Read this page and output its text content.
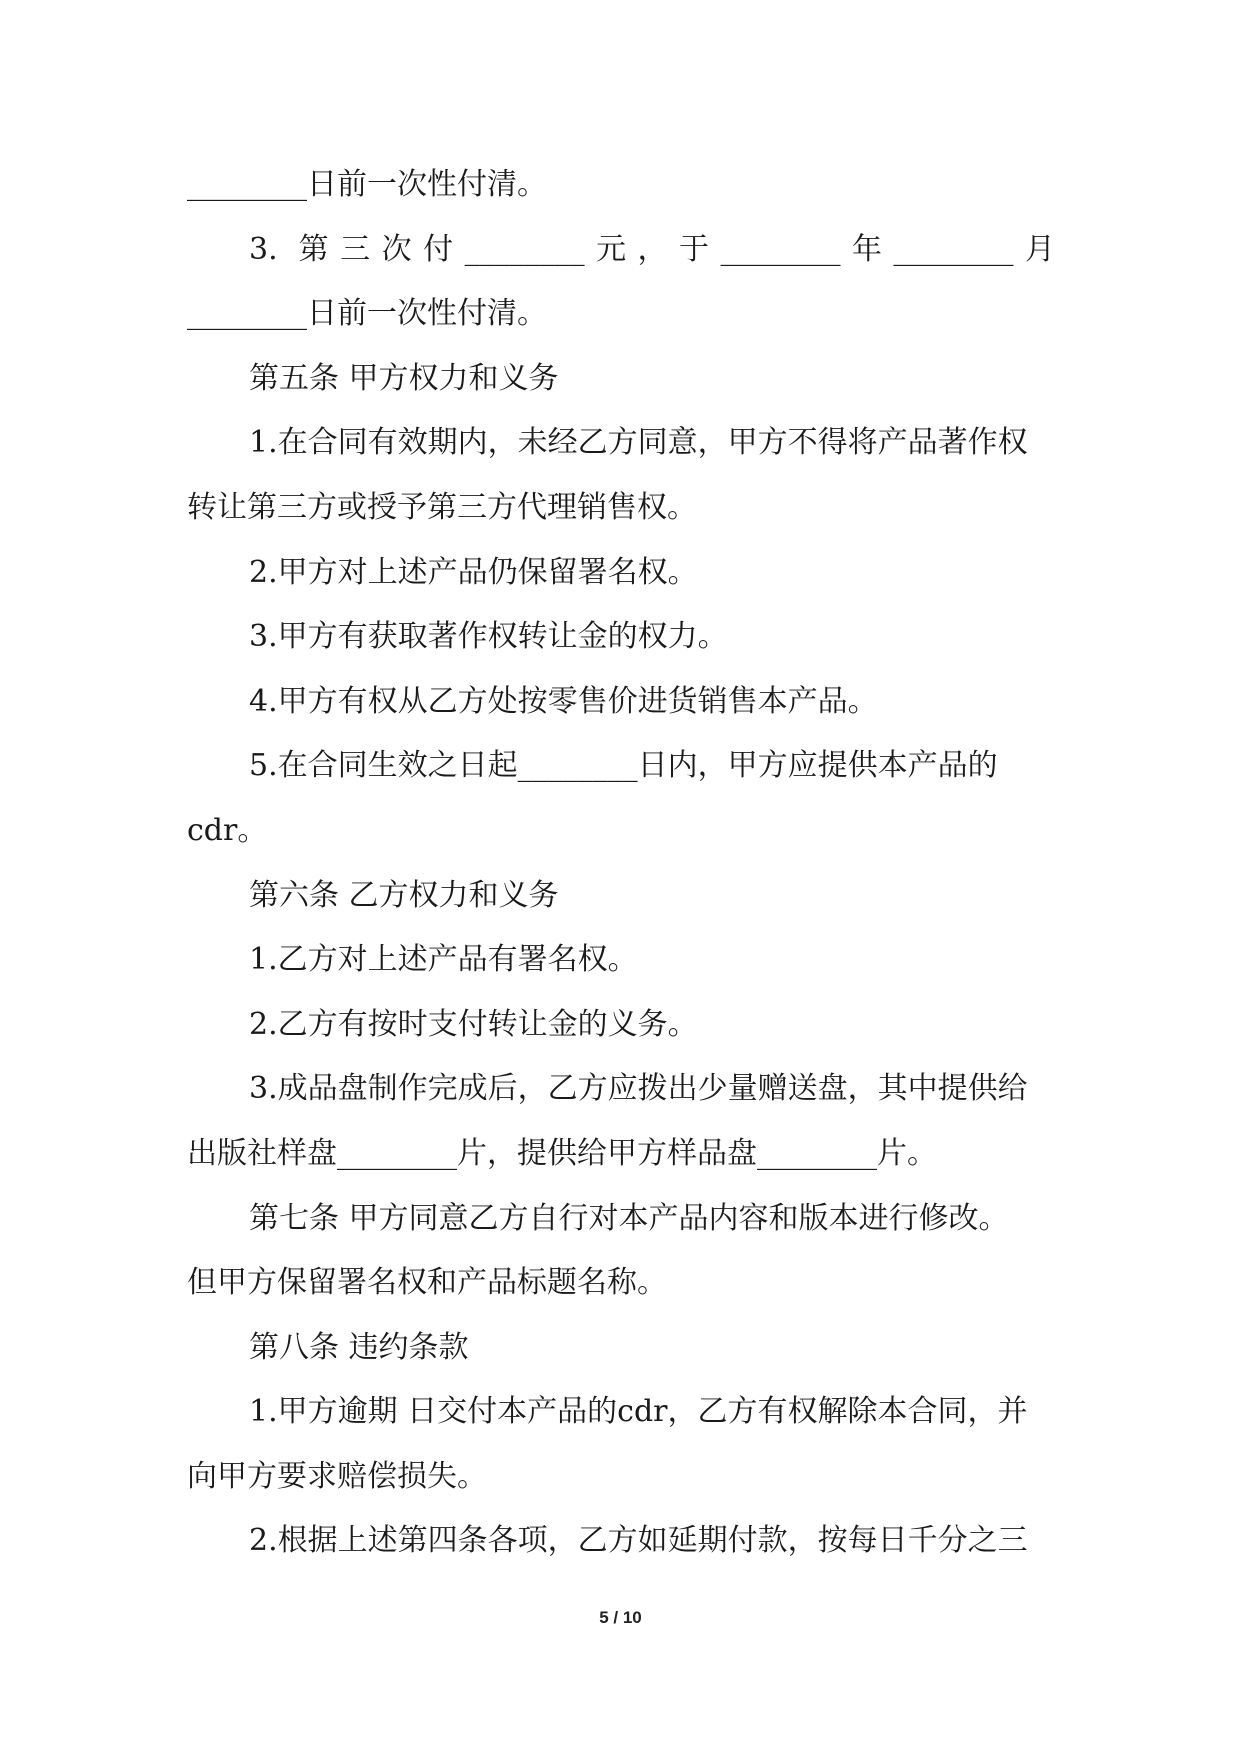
________日前一次性付清。
3. 第三次付________元，于________年________月
________日前一次性付清。
第五条 甲方权力和义务
1.在合同有效期内，未经乙方同意，甲方不得将产品著作权
转让第三方或授予第三方代理销售权。
2.甲方对上述产品仍保留署名权。
3.甲方有获取著作权转让金的权力。
4.甲方有权从乙方处按零售价进货销售本产品。
5.在合同生效之日起________日内，甲方应提供本产品的
cdr。
第六条 乙方权力和义务
1.乙方对上述产品有署名权。
2.乙方有按时支付转让金的义务。
3.成品盘制作完成后，乙方应拨出少量赠送盘，其中提供给
出版社样盘________片，提供给甲方样品盘________片。
第七条 甲方同意乙方自行对本产品内容和版本进行修改。
但甲方保留署名权和产品标题名称。
第八条 违约条款
1.甲方逾期 日交付本产品的cdr，乙方有权解除本合同，并
向甲方要求赔偿损失。
2.根据上述第四条各项，乙方如延期付款，按每日千分之三
5 / 10
